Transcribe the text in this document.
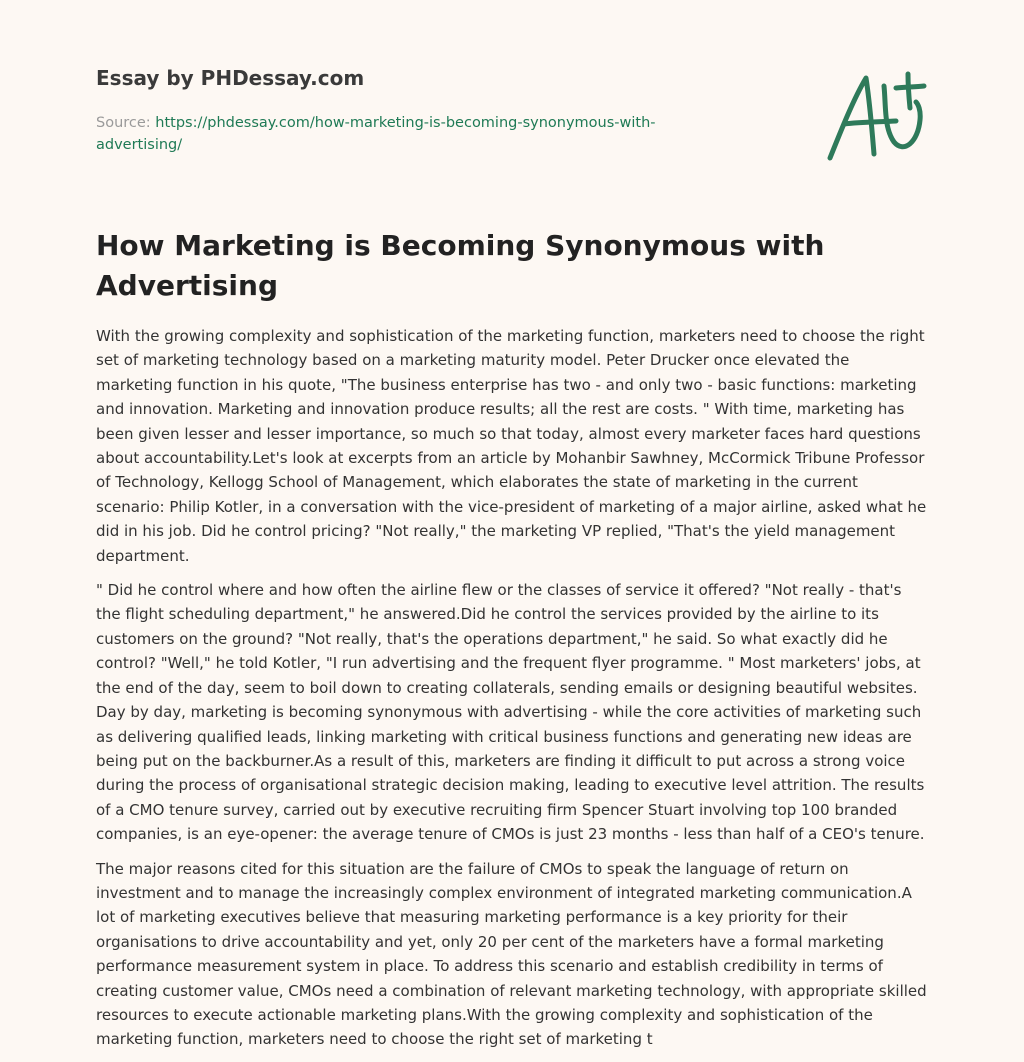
Essay by PHDessay.com
Source: https://phdessay.com/how-marketing-is-becoming-synonymous-with-advertising/
How Marketing is Becoming Synonymous with Advertising

With the growing complexity and sophistication of the marketing function, marketers need to choose the right set of marketing technology based on a marketing maturity model. Peter Drucker once elevated the marketing function in his quote, "The business enterprise has two - and only two - basic functions: marketing and innovation. Marketing and innovation produce results; all the rest are costs. " With time, marketing has been given lesser and lesser importance, so much so that today, almost every marketer faces hard questions about accountability.Let's look at excerpts from an article by Mohanbir Sawhney, McCormick Tribune Professor of Technology, Kellogg School of Management, which elaborates the state of marketing in the current scenario: Philip Kotler, in a conversation with the vice-president of marketing of a major airline, asked what he did in his job. Did he control pricing? "Not really," the marketing VP replied, "That's the yield management department.

" Did he control where and how often the airline flew or the classes of service it offered? "Not really - that's the flight scheduling department," he answered.Did he control the services provided by the airline to its customers on the ground? "Not really, that's the operations department," he said. So what exactly did he control? "Well," he told Kotler, "I run advertising and the frequent flyer programme. " Most marketers' jobs, at the end of the day, seem to boil down to creating collaterals, sending emails or designing beautiful websites. Day by day, marketing is becoming synonymous with advertising - while the core activities of marketing such as delivering qualified leads, linking marketing with critical business functions and generating new ideas are being put on the backburner.As a result of this, marketers are finding it difficult to put across a strong voice during the process of organisational strategic decision making, leading to executive level attrition. The results of a CMO tenure survey, carried out by executive recruiting firm Spencer Stuart involving top 100 branded companies, is an eye-opener: the average tenure of CMOs is just 23 months - less than half of a CEO's tenure.

The major reasons cited for this situation are the failure of CMOs to speak the language of return on investment and to manage the increasingly complex environment of integrated marketing communication.A lot of marketing executives believe that measuring marketing performance is a key priority for their organisations to drive accountability and yet, only 20 per cent of the marketers have a formal marketing performance measurement system in place. To address this scenario and establish credibility in terms of creating customer value, CMOs need a combination of relevant marketing technology, with appropriate skilled resources to execute actionable marketing plans.With the growing complexity and sophistication of the marketing function, marketers need to choose the right set of marketing t
